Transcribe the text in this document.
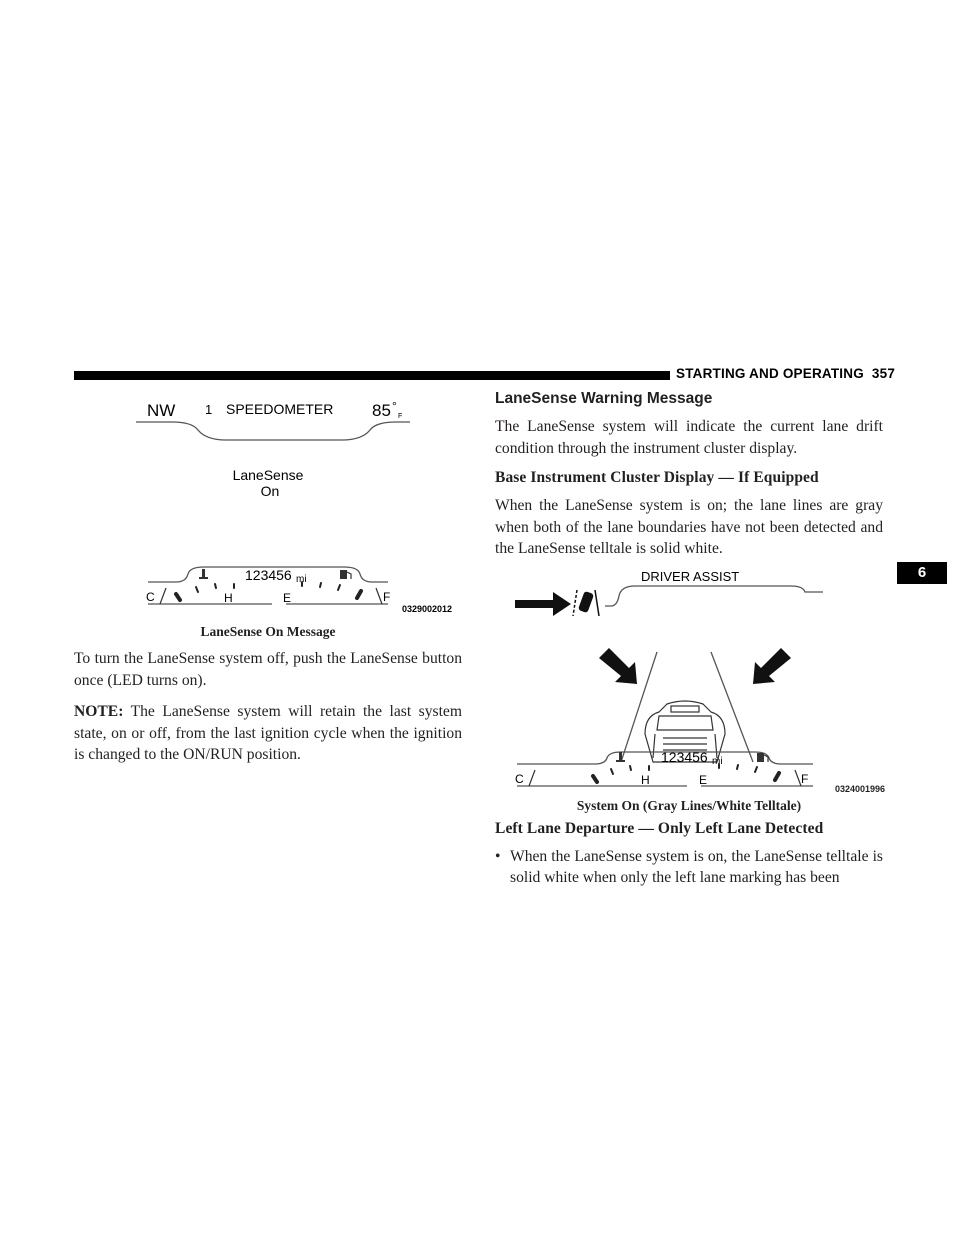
STARTING AND OPERATING 357
6
NW 1 SPEEDOMETER 85 °
F
LaneSense
On
123456 mi
C	H	E	F
0329002012

LaneSense On Message

To turn the LaneSense system off, push the LaneSense button once (LED turns on).

NOTE: The LaneSense system will retain the last system state, on or off, from the last ignition cycle when the ignition is changed to the ON/RUN position.

LaneSense Warning Message

The LaneSense system will indicate the current lane drift condition through the instrument cluster display.

Base Instrument Cluster Display — If Equipped

When the LaneSense system is on; the lane lines are gray when both of the lane boundaries have not been detected and the LaneSense telltale is solid white.

DRIVER ASSIST
123456 mi
C	H	E	F
0324001996

System On (Gray Lines/White Telltale)

Left Lane Departure — Only Left Lane Detected
• When the LaneSense system is on, the LaneSense telltale is solid white when only the left lane marking has been
